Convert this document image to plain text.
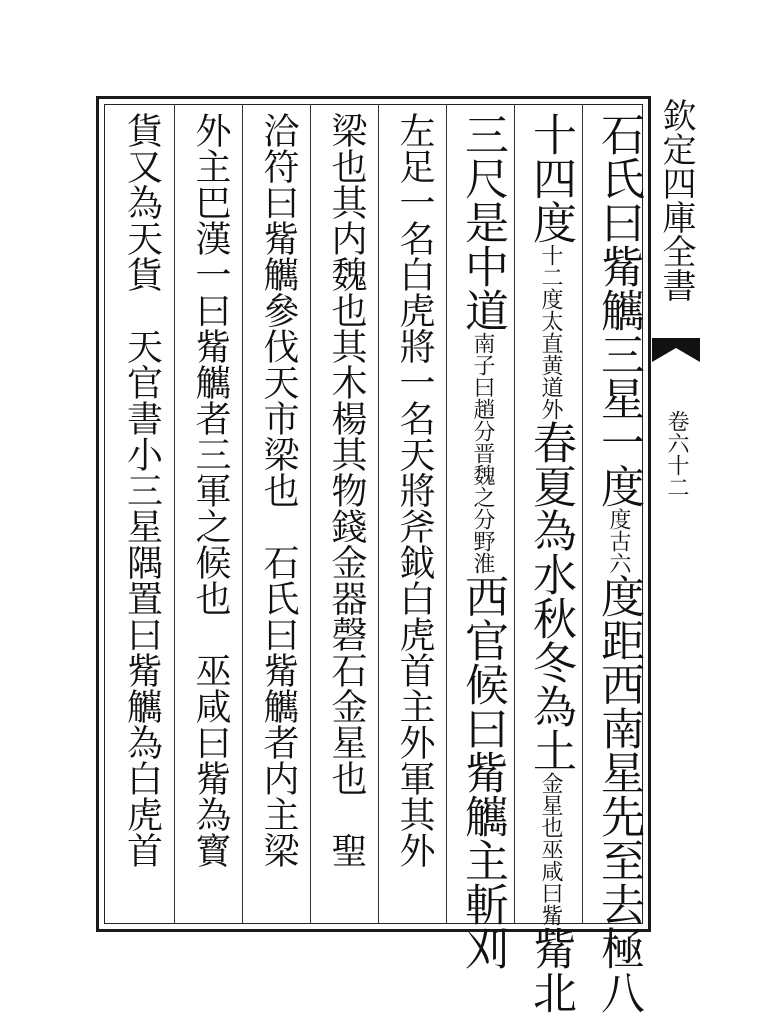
欽定四庫全書
卷六十二
石氏曰觜觽三星一度
古六
度
度距西南星先至去極八
十四度
直黄道外
十二度太
春夏為水秋冬為土
巫咸曰觜
金星也
觜北
三尺是中道
晋魏之分野淮
南子曰趙分
西官候曰觜觽主斬刈
左足一名白虎將一名天將斧鉞白虎首主外軍其外
梁也其内魏也其木楊其物錢金器磬石金星也　聖
洽符曰觜觽參伐天市梁也　石氏曰觜觽者内主梁
外主巴漢一曰觜觽者三軍之候也　巫咸曰觜為寳
貨又為天貨　天官書小三星隅置曰觜觽為白虎首
